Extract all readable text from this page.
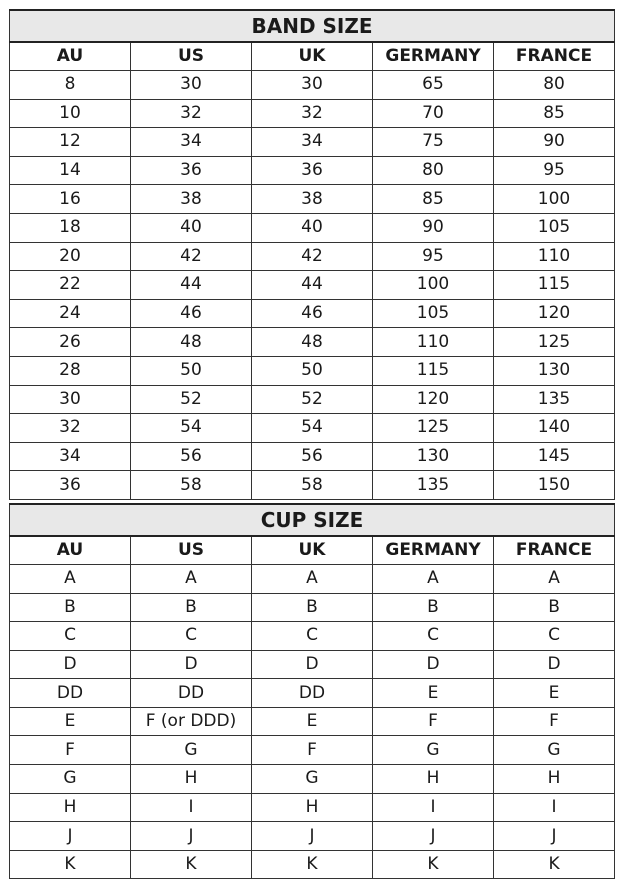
BAND SIZE				
AU	US	UK	GERMANY	FRANCE
8	30	30	65	80
10	32	32	70	85
12	34	34	75	90
14	36	36	80	95
16	38	38	85	100
18	40	40	90	105
20	42	42	95	110
22	44	44	100	115
24	46	46	105	120
26	48	48	110	125
28	50	50	115	130
30	52	52	120	135
32	54	54	125	140
34	56	56	130	145
36	58	58	135	150
CUP SIZE				
AU	US	UK	GERMANY	FRANCE
A	A	A	A	A
B	B	B	B	B
C	C	C	C	C
D	D	D	D	D
DD	DD	DD	E	E
E	F (or DDD)	E	F	F
F	G	F	G	G
G	H	G	H	H
H	I	H	I	I
J	J	J	J	J
K	K	K	K	K
